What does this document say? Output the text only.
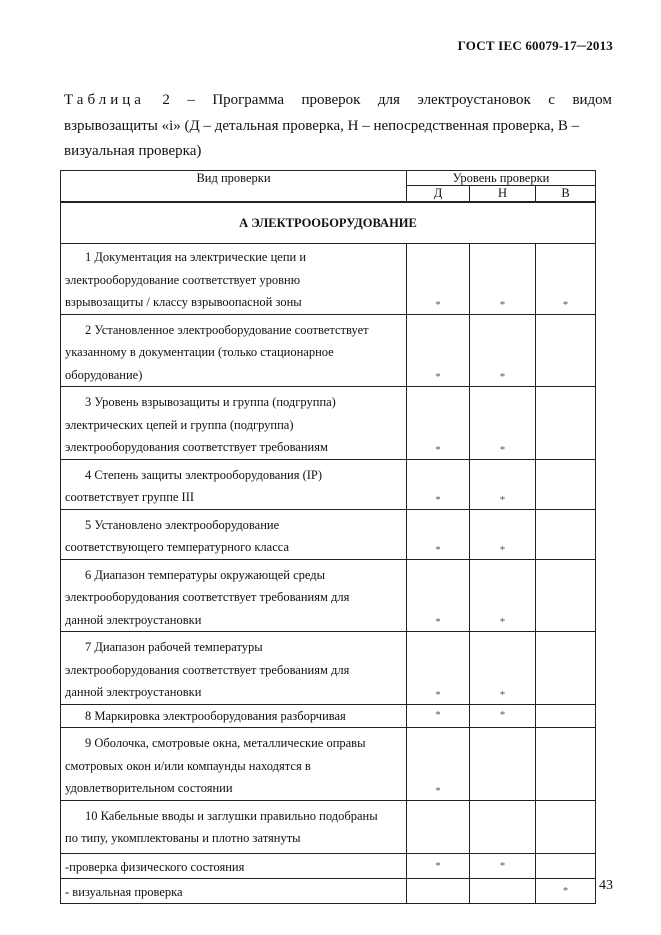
ГОСТ IEC 60079-17─2013
Таблица 2 – Программа проверок для электроустановок с видом
взрывозащиты «i» (Д – детальная проверка, Н – непосредственная проверка, В –
визуальная проверка)
Вид проверки	Уровень проверки		
	Д	Н	В
А ЭЛЕКТРООБОРУДОВАНИЕ			
1 Документация на электрические цепи и
электрооборудование соответствует уровню
взрывозащиты / классу взрывоопасной зоны	*	*	*
2 Установленное электрооборудование соответствует
указанному в документации (только стационарное
оборудование)	*	*	
3 Уровень взрывозащиты и группа (подгруппа)
электрических цепей и группа (подгруппа)
электрооборудования соответствует требованиям	*	*	
4 Степень защиты электрооборудования (IP)
соответствует группе III	*	*	
5 Установлено электрооборудование
соответствующего температурного класса	*	*	
6 Диапазон температуры окружающей среды
электрооборудования соответствует требованиям для
данной электроустановки	*	*	
7 Диапазон рабочей температуры
электрооборудования соответствует требованиям для
данной электроустановки	*	*	
8 Маркировка электрооборудования разборчивая	*	*	
9 Оболочка, смотровые окна, металлические оправы
смотровых окон и/или компаунды находятся в
удовлетворительном состоянии	*		
10 Кабельные вводы и заглушки правильно подобраны
по типу, укомплектованы и плотно затянуты			
-проверка физического состояния	*	*	
- визуальная проверка			* 43
